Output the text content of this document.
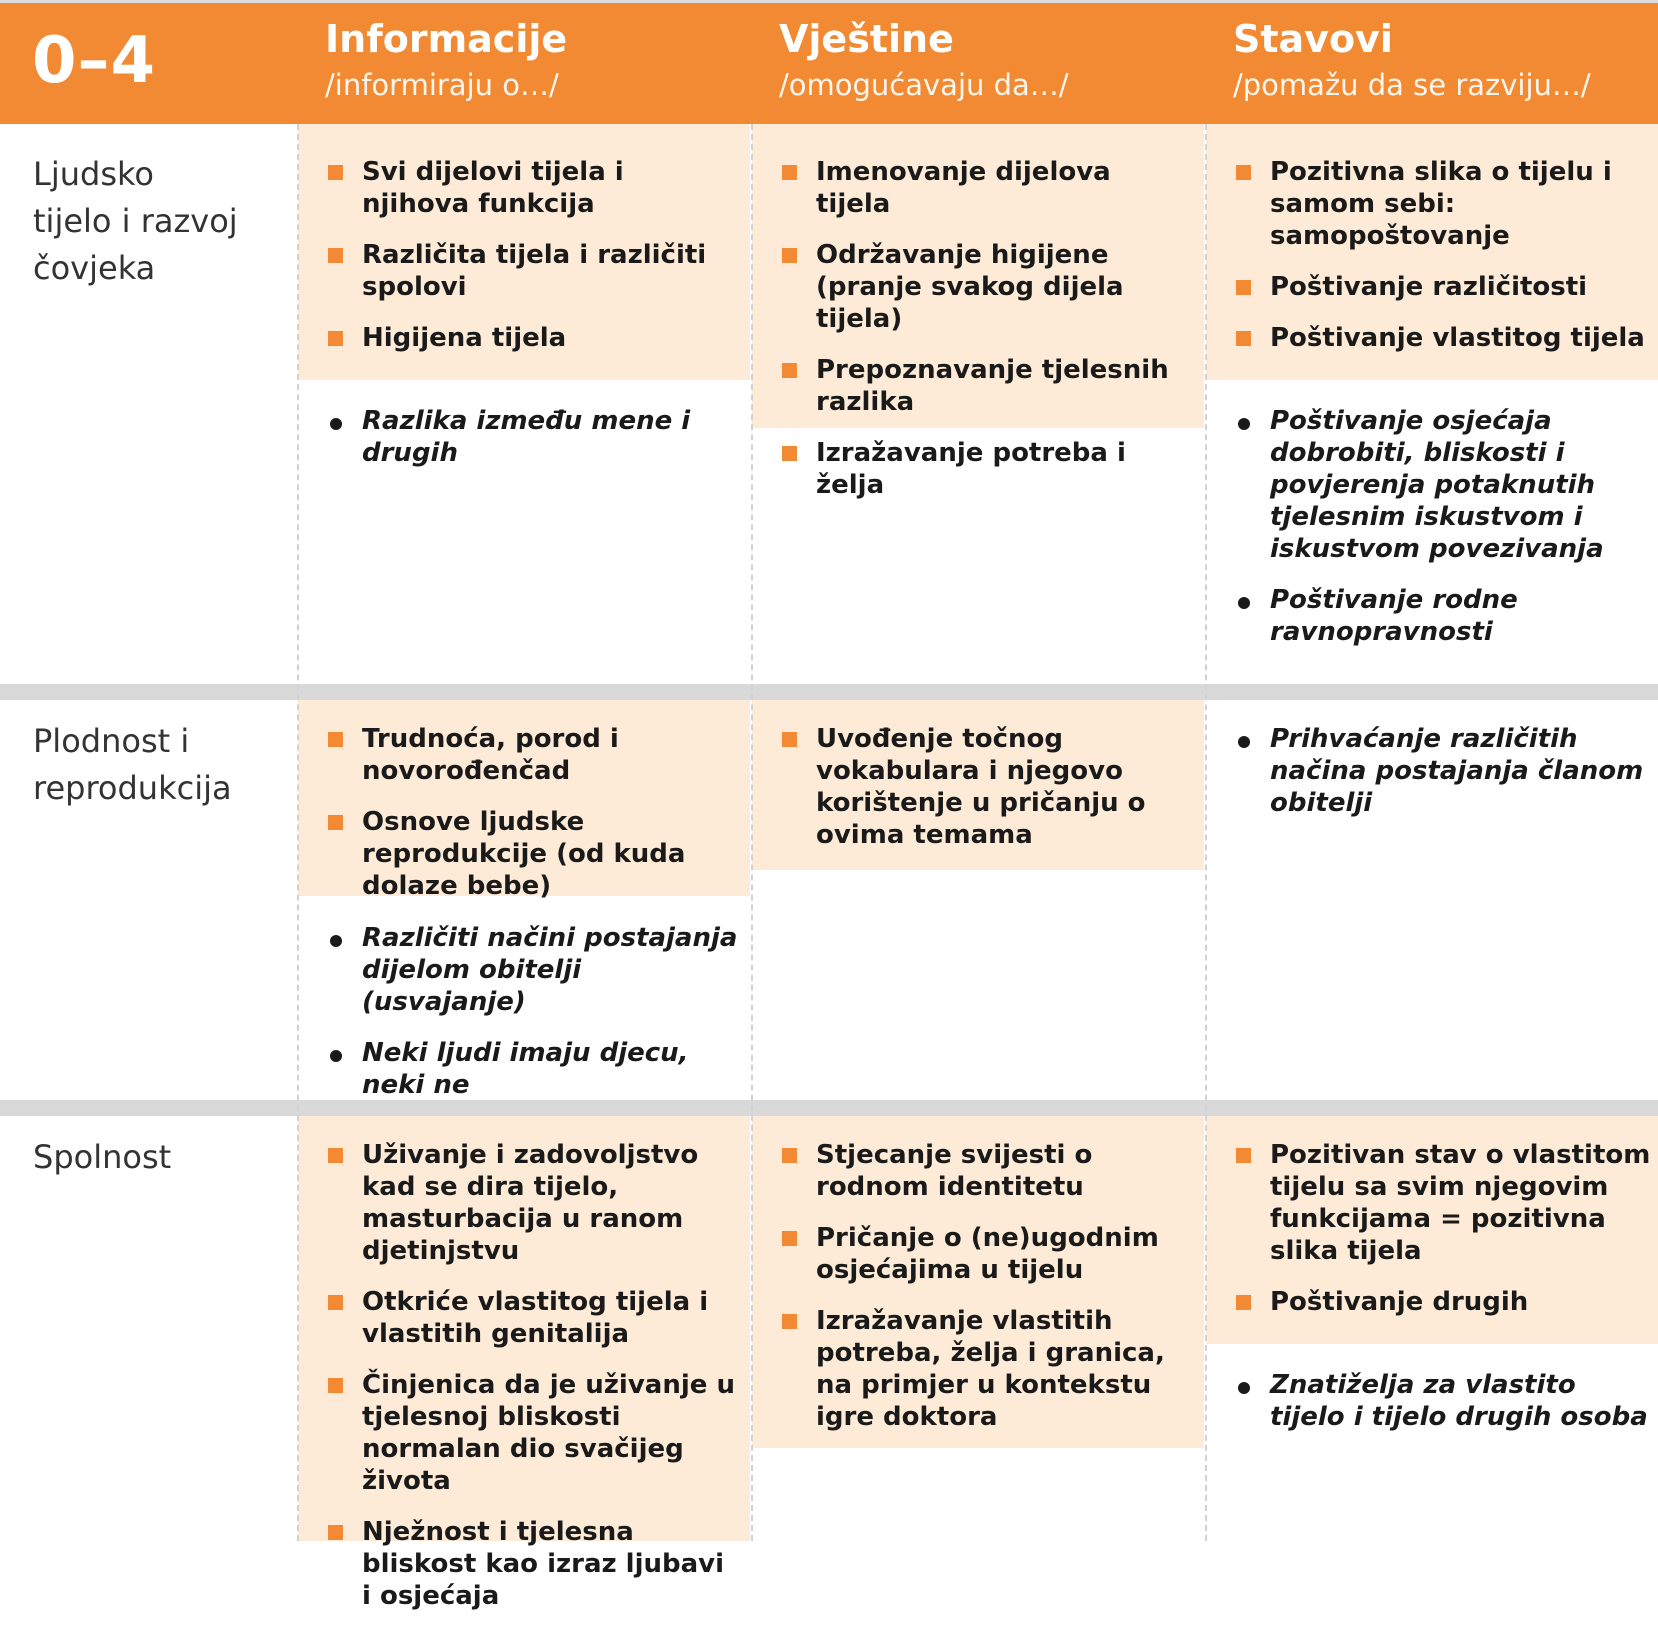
0–4	Informacije
/informiraju o…/
Vještine
/omogućavaju da…/
Stavovi
/pomažu da se razviju…/
Ljudsko
tijelo i razvoj
čovjeka
Svi dijelovi tijela i njihova funkcija
Različita tijela i različiti spolovi
Higijena tijela
Razlika između mene i drugih
Imenovanje dijelova tijela
Održavanje higijene (pranje svakog dijela tijela)
Prepoznavanje tjelesnih razlika
Izražavanje potreba i želja
Pozitivna slika o tijelu i samom sebi: samopoštovanje
Poštivanje različitosti
Poštivanje vlastitog tijela
Poštivanje osjećaja dobrobiti, bliskosti i povjerenja potaknutih tjelesnim iskustvom i iskustvom povezivanja
Poštivanje rodne ravnopravnosti
Plodnost i
reprodukcija
Trudnoća, porod i novorođenčad
Osnove ljudske reprodukcije (od kuda dolaze bebe)
Različiti načini postajanja dijelom obitelji (usvajanje)
Neki ljudi imaju djecu, neki ne
Uvođenje točnog vokabulara i njegovo korištenje u pričanju o ovima temama
Prihvaćanje različitih načina postajanja članom obitelji
Spolnost	Uživanje i zadovoljstvo kad se dira tijelo, masturbacija u ranom djetinjstvu
Otkriće vlastitog tijela i vlastitih genitalija
Činjenica da je uživanje u tjelesnoj bliskosti normalan dio svačijeg života
Nježnost i tjelesna bliskost kao izraz ljubavi i osjećaja
Stjecanje svijesti o rodnom identitetu
Pričanje o (ne)ugodnim osjećajima u tijelu
Izražavanje vlastitih potreba, želja i granica, na primjer u kontekstu igre doktora
Pozitivan stav o vlastitom tijelu sa svim njegovim funkcijama = pozitivna slika tijela
Poštivanje drugih
Znatiželja za vlastito tijelo i tijelo drugih osoba
